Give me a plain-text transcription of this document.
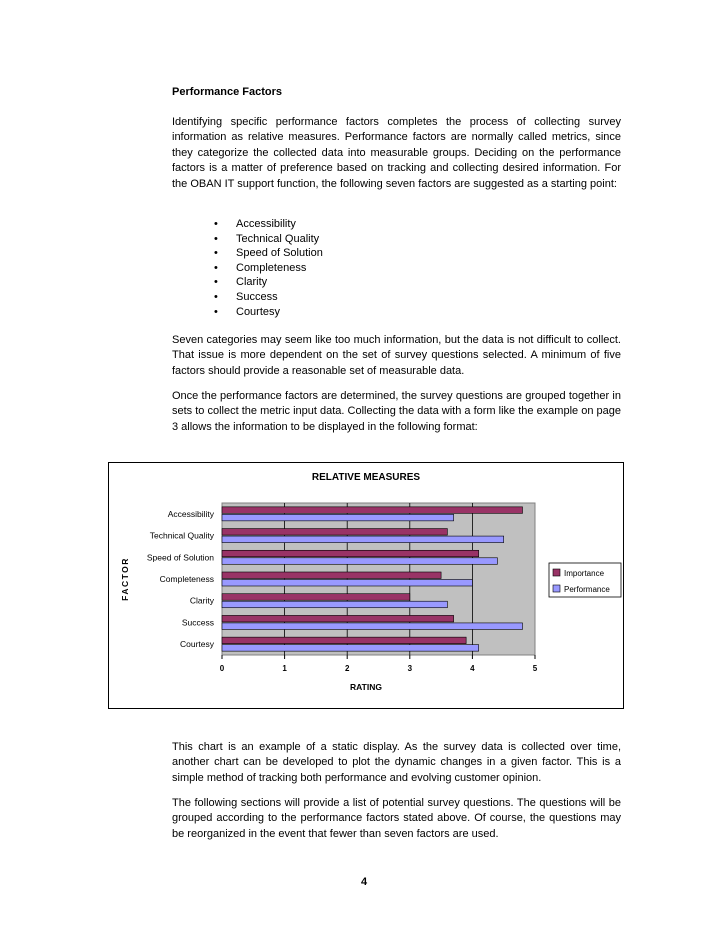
Performance Factors

Identifying specific performance factors completes the process of collecting survey information as relative measures. Performance factors are normally called metrics, since they categorize the collected data into measurable groups. Deciding on the performance factors is a matter of preference based on tracking and collecting desired information. For the OBAN IT support function, the following seven factors are suggested as a starting point:

• Accessibility
• Technical Quality
• Speed of Solution
• Completeness
• Clarity
• Success
• Courtesy

Seven categories may seem like too much information, but the data is not difficult to collect. That issue is more dependent on the set of survey questions selected. A minimum of five factors should provide a reasonable set of measurable data.

Once the performance factors are determined, the survey questions are grouped together in sets to collect the metric input data. Collecting the data with a form like the example on page 3 allows the information to be displayed in the following format:

RELATIVE MEASURES
0	1	2	3	4	5
Accessibility
Technical Quality
Speed of Solution
Completeness
Clarity
Success
Courtesy
RATING
FACTOR	Importance
Performance

This chart is an example of a static display. As the survey data is collected over time, another chart can be developed to plot the dynamic changes in a given factor. This is a simple method of tracking both performance and evolving customer opinion.

The following sections will provide a list of potential survey questions. The questions will be grouped according to the performance factors stated above. Of course, the questions may be reorganized in the event that fewer than seven factors are used.

4
